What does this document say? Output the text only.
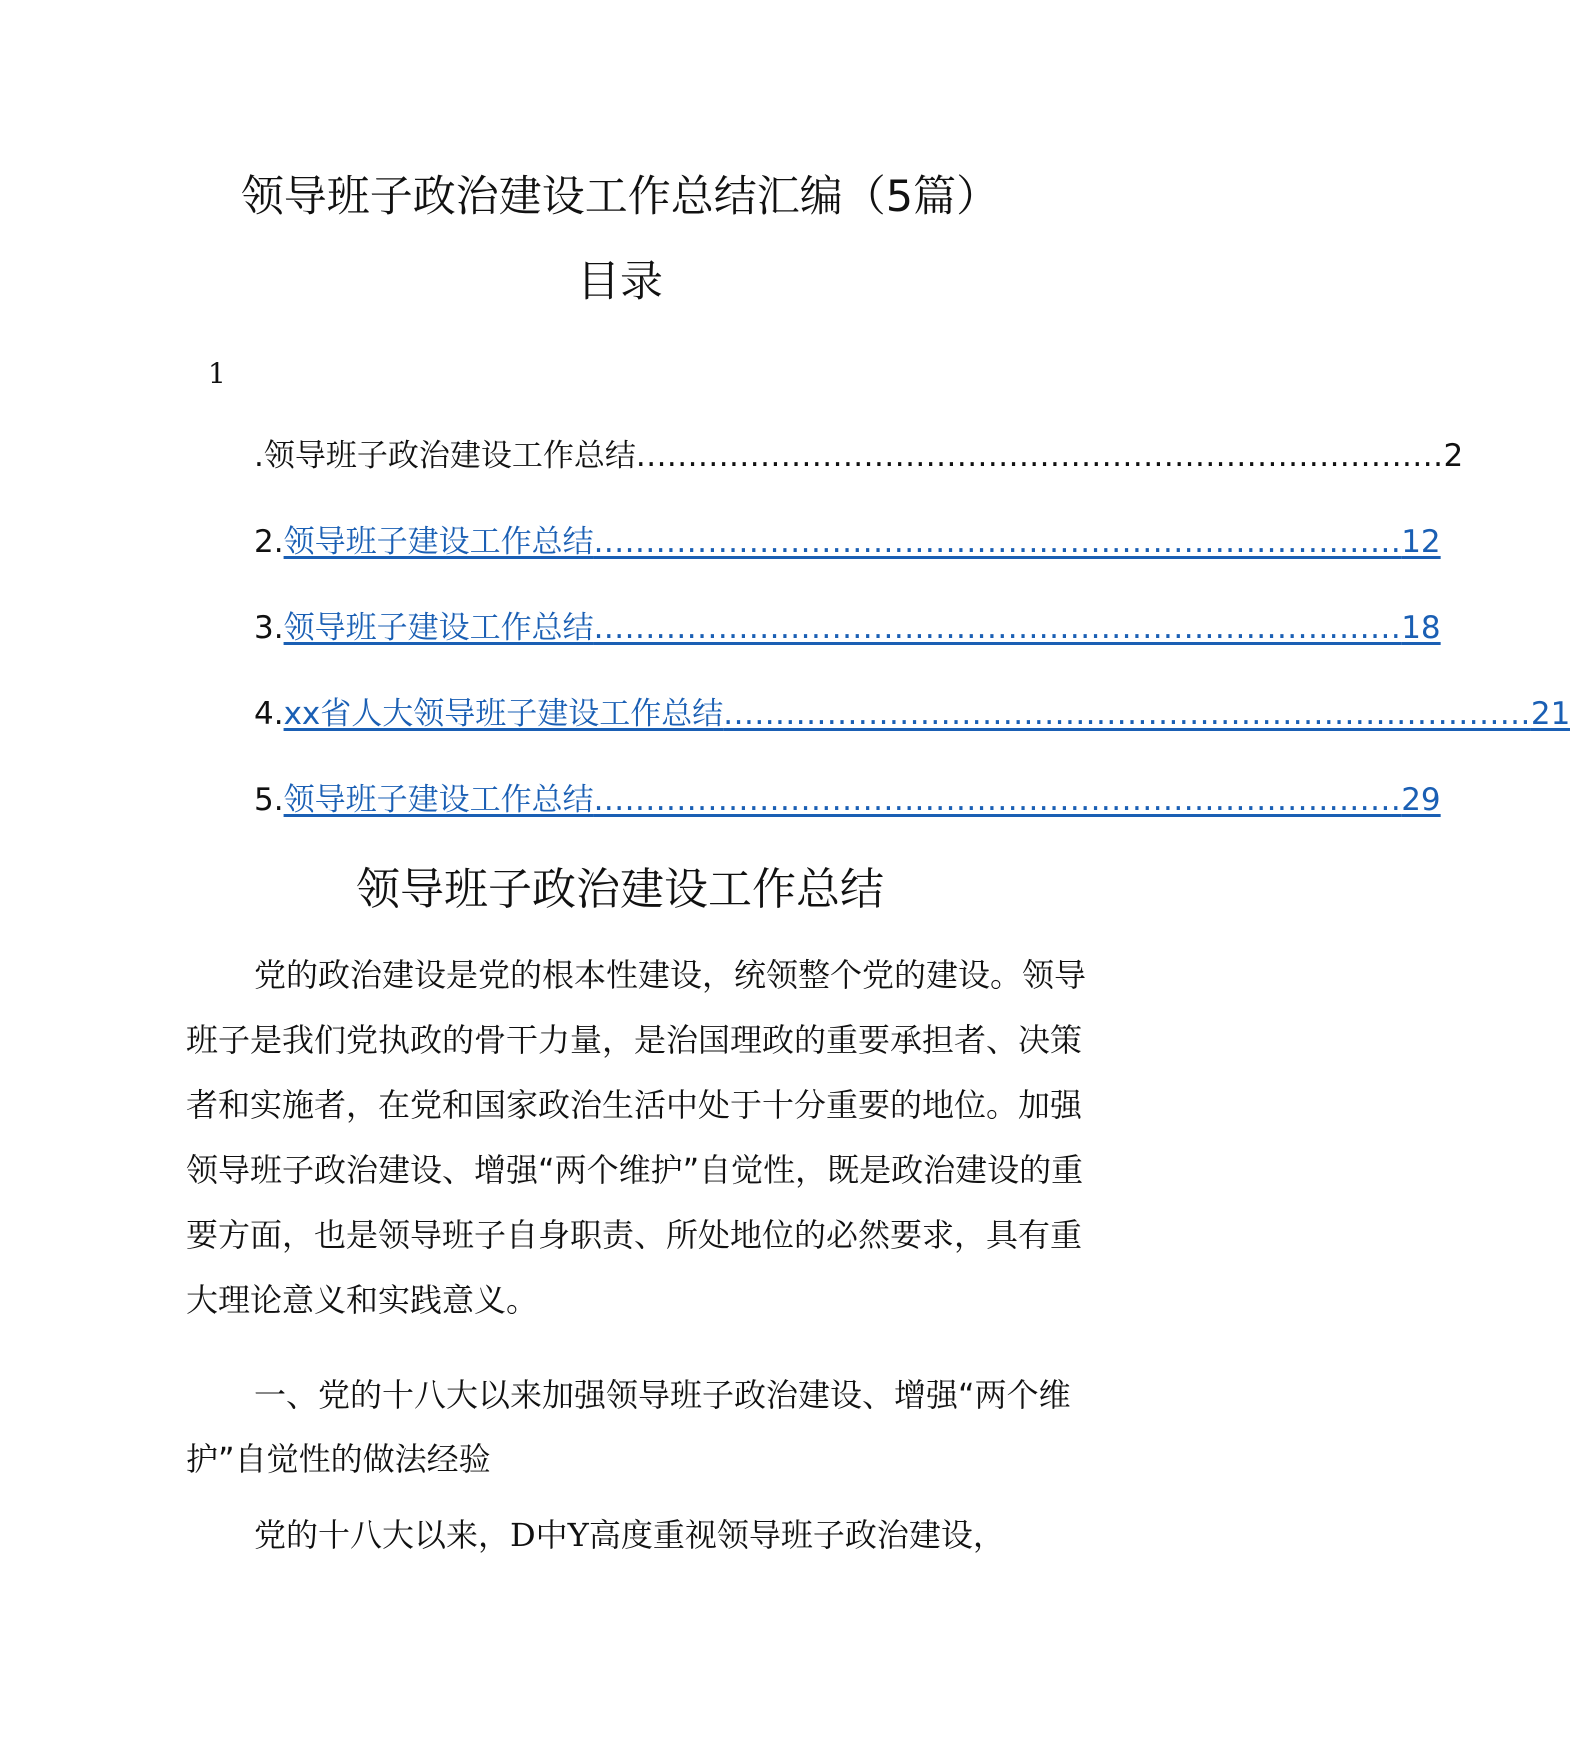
领导班子政治建设工作总结汇编（5篇）
目录
1
.领导班子政治建设工作总结 .............................................................................. 2
2. 领导班子建设工作总结 .............................................................................. 12
3. 领导班子建设工作总结 .............................................................................. 18
4. xx省人大领导班子建设工作总结 .............................................................................. 21
5. 领导班子建设工作总结 .............................................................................. 29
领导班子政治建设工作总结

党的政治建设是党的根本性建设，统领整个党的建设。领导班子是我们党执政的骨干力量，是治国理政的重要承担者、决策者和实施者，在党和国家政治生活中处于十分重要的地位。加强领导班子政治建设、增强“两个维护”自觉性，既是政治建设的重要方面，也是领导班子自身职责、所处地位的必然要求，具有重大理论意义和实践意义。

一、党的十八大以来加强领导班子政治建设、增强“两个维护”自觉性的做法经验

党的十八大以来，D中Y高度重视领导班子政治建设，
